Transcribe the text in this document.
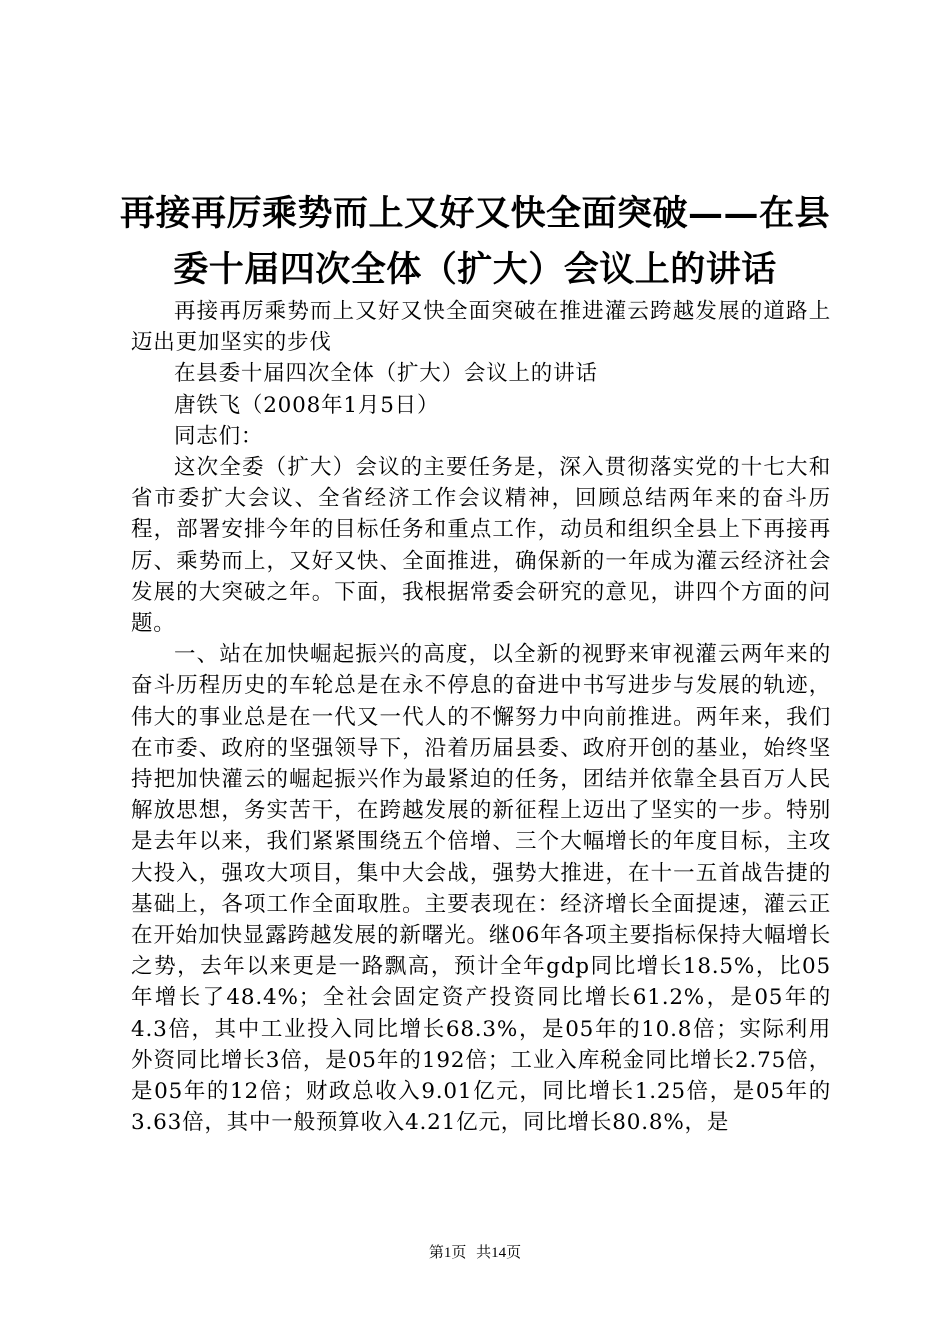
再接再厉乘势而上又好又快全面突破——在县委十届四次全体（扩大）会议上的讲话

再接再厉乘势而上又好又快全面突破在推进灌云跨越发展的道路上迈出更加坚实的步伐

在县委十届四次全体（扩大）会议上的讲话

唐铁飞（2008年1月5日）

同志们：

这次全委（扩大）会议的主要任务是，深入贯彻落实党的十七大和省市委扩大会议、全省经济工作会议精神，回顾总结两年来的奋斗历程，部署安排今年的目标任务和重点工作，动员和组织全县上下再接再厉、乘势而上，又好又快、全面推进，确保新的一年成为灌云经济社会发展的大突破之年。下面，我根据常委会研究的意见，讲四个方面的问题。

一、站在加快崛起振兴的高度，以全新的视野来审视灌云两年来的奋斗历程历史的车轮总是在永不停息的奋进中书写进步与发展的轨迹，伟大的事业总是在一代又一代人的不懈努力中向前推进。两年来，我们在市委、政府的坚强领导下，沿着历届县委、政府开创的基业，始终坚持把加快灌云的崛起振兴作为最紧迫的任务，团结并依靠全县百万人民解放思想，务实苦干，在跨越发展的新征程上迈出了坚实的一步。特别是去年以来，我们紧紧围绕五个倍增、三个大幅增长的年度目标，主攻大投入，强攻大项目，集中大会战，强势大推进，在十一五首战告捷的基础上，各项工作全面取胜。主要表现在：经济增长全面提速，灌云正在开始加快显露跨越发展的新曙光。继06年各项主要指标保持大幅增长之势，去年以来更是一路飘高，预计全年gdp同比增长18.5%，比05年增长了48.4%；全社会固定资产投资同比增长61.2%，是05年的4.3倍，其中工业投入同比增长68.3%，是05年的10.8倍；实际利用外资同比增长3倍，是05年的192倍；工业入库税金同比增长2.75倍，是05年的12倍；财政总收入9.01亿元，同比增长1.25倍，是05年的3.63倍，其中一般预算收入4.21亿元，同比增长80.8%，是

第1页 共14页
